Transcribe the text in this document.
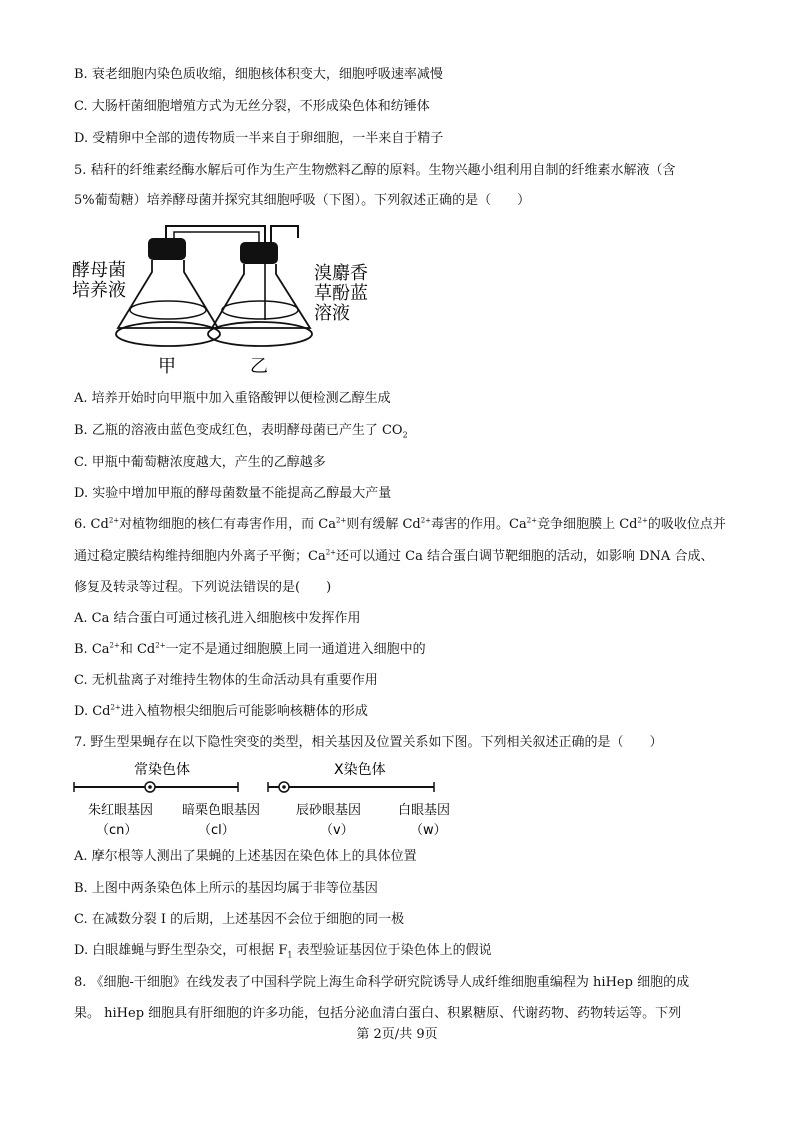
B. 衰老细胞内染色质收缩，细胞核体积变大，细胞呼吸速率减慢
C. 大肠杆菌细胞增殖方式为无丝分裂，不形成染色体和纺锤体
D. 受精卵中全部的遗传物质一半来自于卵细胞，一半来自于精子
5. 秸秆的纤维素经酶水解后可作为生产生物燃料乙醇的原料。生物兴趣小组利用自制的纤维素水解液（含
5%葡萄糖）培养酵母菌并探究其细胞呼吸（下图）。下列叙述正确的是（　　）
酵母菌
培养液
溴麝香
草酚蓝
溶液
甲	乙
A. 培养开始时向甲瓶中加入重铬酸钾以便检测乙醇生成
B. 乙瓶的溶液由蓝色变成红色，表明酵母菌已产生了 $CO_2$
C. 甲瓶中葡萄糖浓度越大，产生的乙醇越多
D. 实验中增加甲瓶的酵母菌数量不能提高乙醇最大产量
6. $Cd^{2+}$对植物细胞的核仁有毒害作用，而 $Ca^{2+}$则有缓解 $Cd^{2+}$毒害的作用。$Ca^{2+}$竞争细胞膜上 $Cd^{2+}$的吸收位点并
通过稳定膜结构维持细胞内外离子平衡；$Ca^{2+}$还可以通过 Ca 结合蛋白调节靶细胞的活动，如影响 DNA 合成、
修复及转录等过程。下列说法错误的是(　　)
A. Ca 结合蛋白可通过核孔进入细胞核中发挥作用
B. $Ca^{2+}$和 $Cd^{2+}$一定不是通过细胞膜上同一通道进入细胞中的
C. 无机盐离子对维持生物体的生命活动具有重要作用
D. $Cd^{2+}$进入植物根尖细胞后可能影响核糖体的形成
7. 野生型果蝇存在以下隐性突变的类型，相关基因及位置关系如下图。下列相关叙述正确的是（　　）
常染色体	X染色体
朱红眼基因
（cn）
暗栗色眼基因
（cl）
辰砂眼基因
（v）
白眼基因
（w）
A. 摩尔根等人测出了果蝇的上述基因在染色体上的具体位置
B. 上图中两条染色体上所示的基因均属于非等位基因
C. 在减数分裂 I 的后期，上述基因不会位于细胞的同一极
D. 白眼雄蝇与野生型杂交，可根据 $F_1$ 表型验证基因位于染色体上的假说
8. 《细胞-干细胞》在线发表了中国科学院上海生命科学研究院诱导人成纤维细胞重编程为 hiHep 细胞的成
果。 hiHep 细胞具有肝细胞的许多功能，包括分泌血清白蛋白、积累糖原、代谢药物、药物转运等。下列
第 2页/共 9页
